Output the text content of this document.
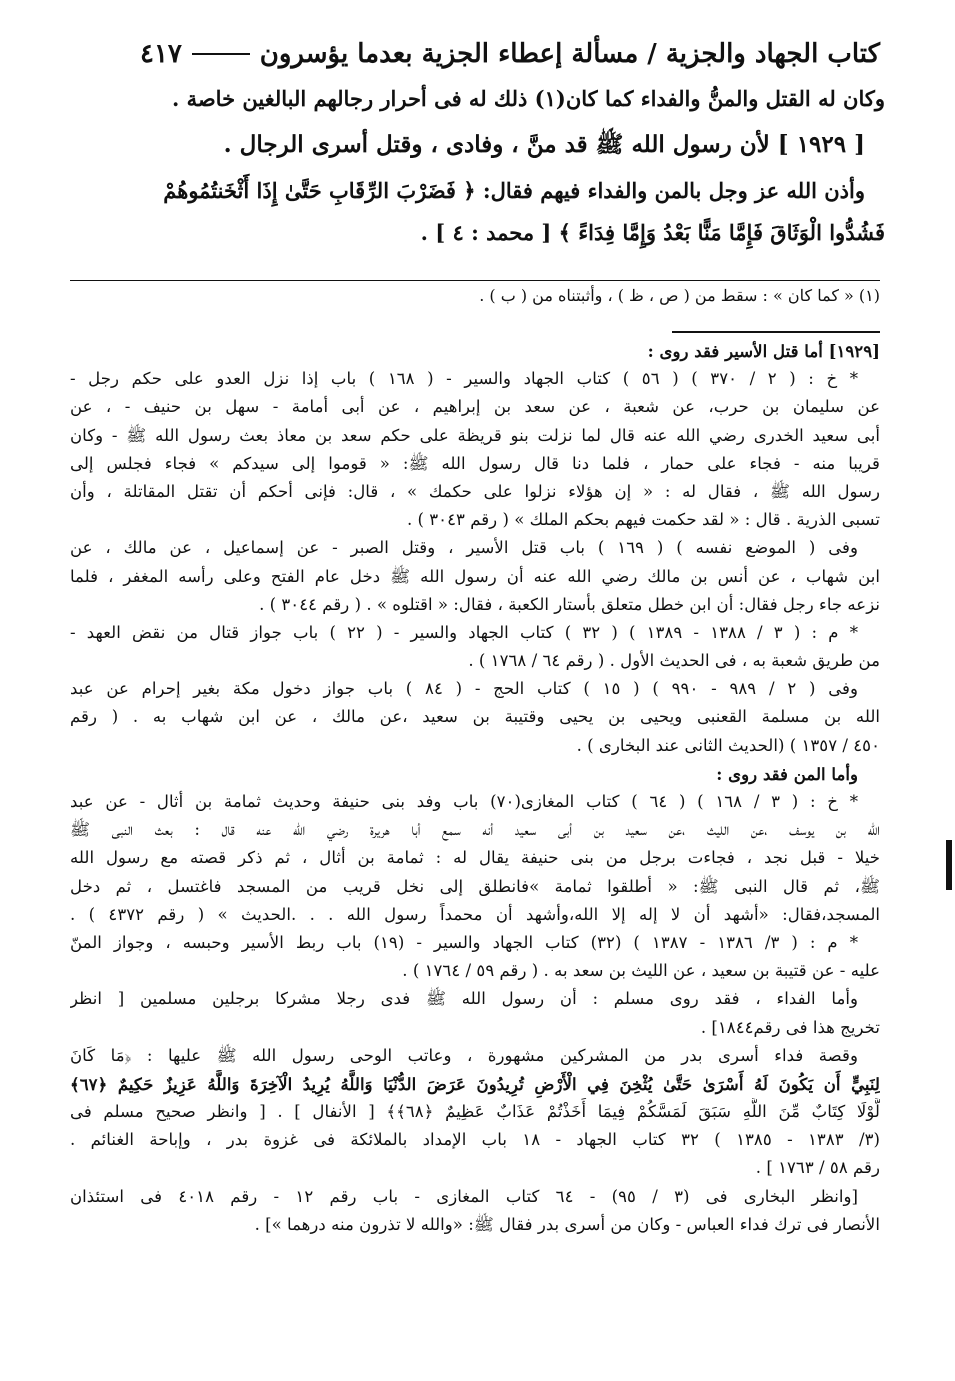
كتاب الجهاد والجزية / مسألة إعطاء الجزية بعدما يؤسرون
٤١٧
وكان له القتل والمنُّ والفداء كما كان(١) ذلك له فى أحرار رجالهم البالغين خاصة .
[ ١٩٢٩ ] لأن رسول الله ﷺ قد منَّ ، وفادى ، وقتل أسرى الرجال .
وأذن الله عز وجل بالمن والفداء فيهم فقال: ﴿ فَضَرْبَ الرِّقَابِ حَتَّىٰ إِذَا أَثْخَنتُمُوهُمْ
فَشُدُّوا الْوَثَاقَ فَإِمَّا مَنًّا بَعْدُ وَإِمَّا فِدَاءً ﴾ [ محمد : ٤ ] .
(١) « كما كان » : سقط من ( ص ، ظ ) ، وأثبتناه من ( ب ) .
[١٩٢٩] أما قتل الأسير فقد روى :
* خ : ( ٢ / ٣٧٠ ) ( ٥٦ ) كتاب الجهاد والسير - ( ١٦٨ ) باب إذا نزل العدو على حكم رجل -
عن سليمان بن حرب، عن شعبة ، عن سعد بن إبراهيم ، عن أبى أمامة - سهل بن حنيف - ، عن
أبى سعيد الخدرى رضي الله عنه قال لما نزلت بنو قريظة على حكم سعد بن معاذ بعث رسول الله ﷺ - وكان
قريبا منه - فجاء على حمار ، فلما دنا قال رسول الله ﷺ: « قوموا إلى سيدكم » فجاء فجلس إلى
رسول الله ﷺ ، فقال له : « إن هؤلاء نزلوا على حكمك » ، قال: فإنى أحكم أن تقتل المقاتلة ، وأن
تسبى الذرية . قال : « لقد حكمت فيهم بحكم الملك » ( رقم ٣٠٤٣ ) .
وفى ( الموضع نفسه ) ( ١٦٩ ) باب قتل الأسير ، وقتل الصبر - عن إسماعيل ، عن مالك ، عن
ابن شهاب ، عن أنس بن مالك رضي الله عنه أن رسول الله ﷺ دخل عام الفتح وعلى رأسه المغفر ، فلما
نزعه جاء رجل فقال: أن ابن خطل متعلق بأستار الكعبة ، فقال: « اقتلوه » . ( رقم ٣٠٤٤ ) .
* م : ( ٣ / ١٣٨٨ - ١٣٨٩ ) ( ٣٢ ) كتاب الجهاد والسير - ( ٢٢ ) باب جواز قتال من نقض العهد -
من طريق شعبة به ، فى الحديث الأول . ( رقم ٦٤ / ١٧٦٨ ) .
وفى ( ٢ / ٩٨٩ - ٩٩٠ ) ( ١٥ ) كتاب الحج - ( ٨٤ ) باب جواز دخول مكة بغير إحرام عن عبد
الله بن مسلمة القعنبى ويحيى بن يحيى وقتيبة بن سعيد ،عن مالك ، عن ابن شهاب به . ( رقم
٤٥٠ / ١٣٥٧ ) (الحديث الثانى عند البخارى ) .
وأما المن فقد روى :
* خ : ( ٣ / ١٦٨ ) ( ٦٤ ) كتاب المغازى(٧٠) باب وفد بنى حنيفة وحديث ثمامة بن أثال - عن عبد
الله بن يوسف ،عن الليث ،عن سعيد بن أبى سعيد أنه سمع أبا هريرة رضي الله عنه قال : بعث النبى ﷺ
خيلا - قبل نجد ، فجاءت برجل من بنى حنيفة يقال له : ثمامة بن أثال ، ثم ذكر قصته مع رسول الله
ﷺ، ثم قال النبى ﷺ: « أطلقوا ثمامة »فانطلق إلى نخل قريب من المسجد فاغتسل ، ثم دخل
المسجد،فقال: «أشهد أن لا إله إلا الله،وأشهد أن محمداً رسول الله . . .الحديث » ( رقم ٤٣٧٢ ) .
* م : ( ٣/ ١٣٨٦ - ١٣٨٧ ) (٣٢) كتاب الجهاد والسير - (١٩) باب ربط الأسير وحبسه ، وجواز المنّ
عليه - عن قتيبة بن سعيد ، عن الليث بن سعد به . ( رقم ٥٩ / ١٧٦٤ ) .
وأما الفداء ، فقد روى مسلم : أن رسول الله ﷺ فدى رجلا مشركا برجلين مسلمين [ انظر
تخريج هذا فى رقم١٨٤٤] .
وقصة فداء أسرى بدر من المشركين مشهورة ، وعاتب الوحى رسول الله ﷺ عليها : ﴿مَا كَانَ
لِنَبِيٍّ أَن يَكُونَ لَهُ أَسْرَىٰ حَتَّىٰ يُثْخِنَ فِي الْأَرْضِ تُرِيدُونَ عَرَضَ الدُّنْيَا وَاللَّهُ يُرِيدُ الْآخِرَةَ وَاللَّهُ عَزِيزٌ حَكِيمٌ ﴿٦٧﴾
لَّوْلَا كِتَابٌ مِّنَ اللَّهِ سَبَقَ لَمَسَّكُمْ فِيمَا أَخَذْتُمْ عَذَابٌ عَظِيمٌ ﴿٦٨﴾﴾ [ الأنفال ] . [ وانظر صحيح مسلم فى
(٣/ ١٣٨٣ - ١٣٨٥ ) ٣٢ كتاب الجهاد - ١٨ باب الإمداد بالملائكة فى غزوة بدر ، وإباحة الغنائم .
رقم ٥٨ / ١٧٦٣ ] .
[وانظر البخارى فى (٣ / ٩٥) - ٦٤ كتاب المغازى - باب رقم ١٢ - رقم ٤٠١٨ فى استئذان
الأنصار فى ترك فداء العباس - وكان من أسرى بدر فقال ﷺ: «والله لا تذرون منه درهما »] .
